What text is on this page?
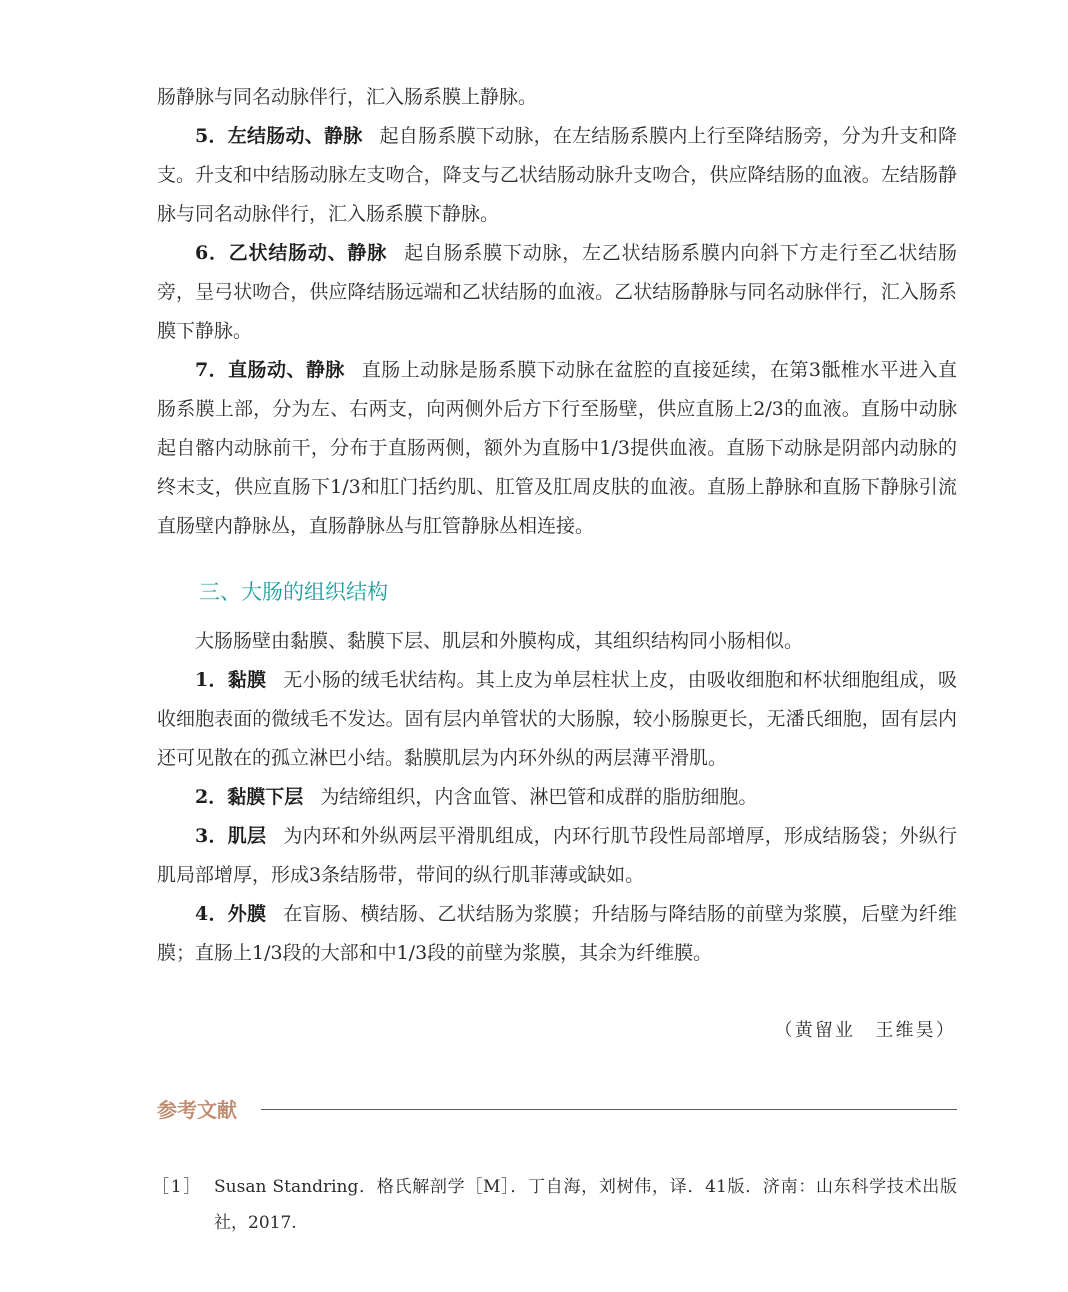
肠静脉与同名动脉伴行，汇入肠系膜上静脉。

5．左结肠动、静脉 起自肠系膜下动脉，在左结肠系膜内上行至降结肠旁，分为升支和降支。升支和中结肠动脉左支吻合，降支与乙状结肠动脉升支吻合，供应降结肠的血液。左结肠静脉与同名动脉伴行，汇入肠系膜下静脉。

6．乙状结肠动、静脉 起自肠系膜下动脉，左乙状结肠系膜内向斜下方走行至乙状结肠旁，呈弓状吻合，供应降结肠远端和乙状结肠的血液。乙状结肠静脉与同名动脉伴行，汇入肠系膜下静脉。

7．直肠动、静脉 直肠上动脉是肠系膜下动脉在盆腔的直接延续，在第3骶椎水平进入直肠系膜上部，分为左、右两支，向两侧外后方下行至肠壁，供应直肠上2/3的血液。直肠中动脉起自髂内动脉前干，分布于直肠两侧，额外为直肠中1/3提供血液。直肠下动脉是阴部内动脉的终末支，供应直肠下1/3和肛门括约肌、肛管及肛周皮肤的血液。直肠上静脉和直肠下静脉引流直肠壁内静脉丛，直肠静脉丛与肛管静脉丛相连接。

三、大肠的组织结构

大肠肠壁由黏膜、黏膜下层、肌层和外膜构成，其组织结构同小肠相似。

1．黏膜 无小肠的绒毛状结构。其上皮为单层柱状上皮，由吸收细胞和杯状细胞组成，吸收细胞表面的微绒毛不发达。固有层内单管状的大肠腺，较小肠腺更长，无潘氏细胞，固有层内还可见散在的孤立淋巴小结。黏膜肌层为内环外纵的两层薄平滑肌。

2．黏膜下层 为结缔组织，内含血管、淋巴管和成群的脂肪细胞。

3．肌层 为内环和外纵两层平滑肌组成，内环行肌节段性局部增厚，形成结肠袋；外纵行肌局部增厚，形成3条结肠带，带间的纵行肌菲薄或缺如。

4．外膜 在盲肠、横结肠、乙状结肠为浆膜；升结肠与降结肠的前壁为浆膜，后壁为纤维膜；直肠上1/3段的大部和中1/3段的前壁为浆膜，其余为纤维膜。

（黄留业　王维昊）
参考文献
［1］ Susan Standring．格氏解剖学［M］．丁自海，刘树伟，译．41版．济南：山东科学技术出版社，2017.
